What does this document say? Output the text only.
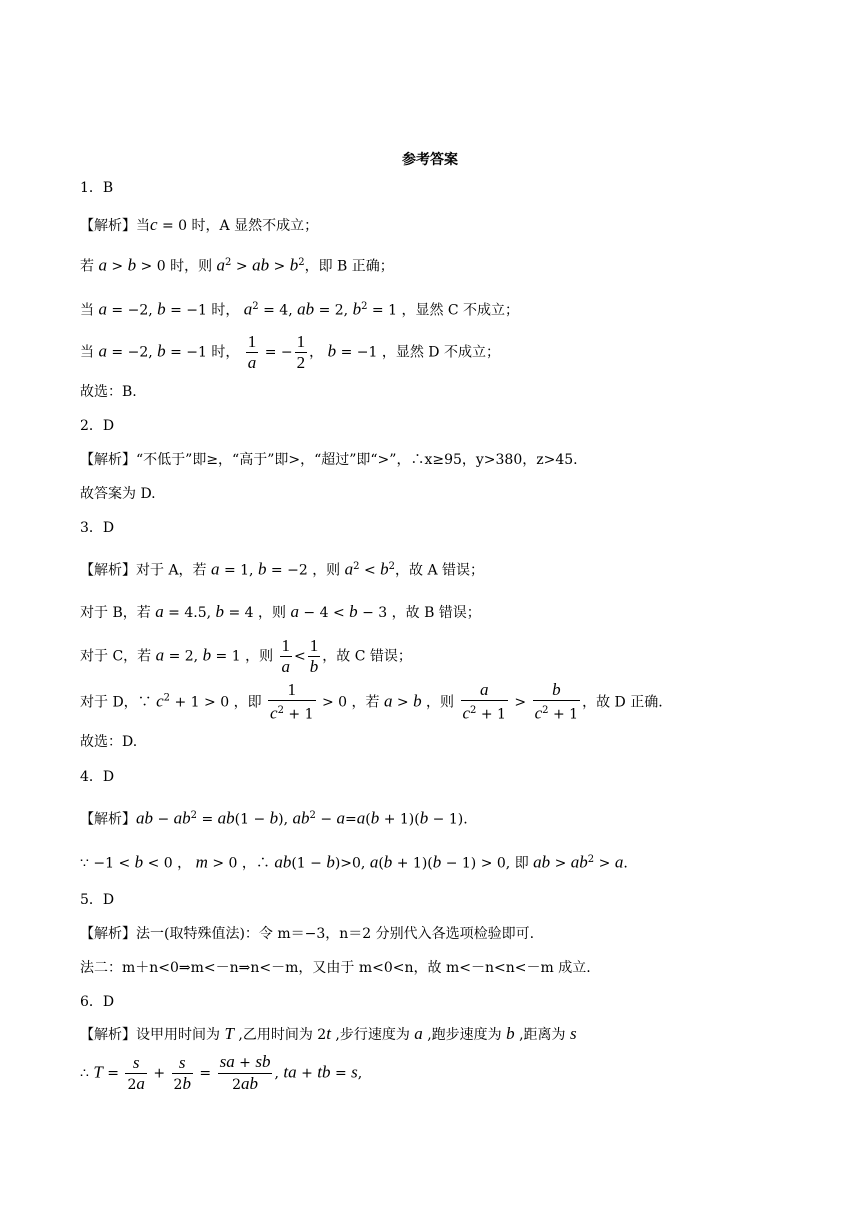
参考答案
1．B
【解析】当c = 0 时，A 显然不成立；
若 a > b > 0 时，则 $a^2$ > ab > $b^2$，即 B 正确；
当 a = −2, b = −1 时， $a^2 = 4$, ab = 2, $b^2 = 1$ ，显然 C 不成立；
当 a = −2, b = −1 时， $\frac{1}{a}$ = − $\frac{1}{2}$ ， b = −1 ，显然 D 不成立；
故选：B.
2．D
【解析】“不低于”即≥，“高于”即>，“超过”即“>”，∴x≥95，y>380，z>45.
故答案为 D.
3．D
【解析】对于 A，若 a = 1, b = −2 ，则 $a^2 < b^2$，故 A 错误；
对于 B，若 a = 4.5, b = 4 ，则 a − 4 < b − 3 ，故 B 错误；
对于 C，若 a = 2, b = 1 ，则 $\frac{1}{a} < \frac{1}{b}$ ，故 C 错误；
对于 D，∵ $c^2 + 1 > 0$ ，即 $\frac{1}{c^2 + 1} > 0$ ，若 a > b ，则 $\frac{a}{c^2 + 1} > \frac{b}{c^2 + 1}$ ，故 D 正确.
故选：D.
4．D
【解析】ab − $ab^2 = ab(1 - b)$, $ab^2 - a=a(b + 1)(b - 1)$.
∵ −1 < b < 0 ， m > 0 ，∴ ab(1 − b)>0, a(b + 1)(b − 1) > 0, 即 ab > $ab^2 > a$.
5．D
【解析】法一(取特殊值法)：令 m＝−3，n＝2 分别代入各选项检验即可.
法二：m＋n<0⇒m<－n⇒n<－m，又由于 m<0<n，故 m<－n<n<－m 成立.
6．D
【解析】设甲用时间为 T ,乙用时间为 2t ,步行速度为 a ,跑步速度为 b ,距离为 s
∴ $T = \frac{s}{2a} + \frac{s}{2b} = \frac{sa + sb}{2ab}$ , ta + tb = s,
